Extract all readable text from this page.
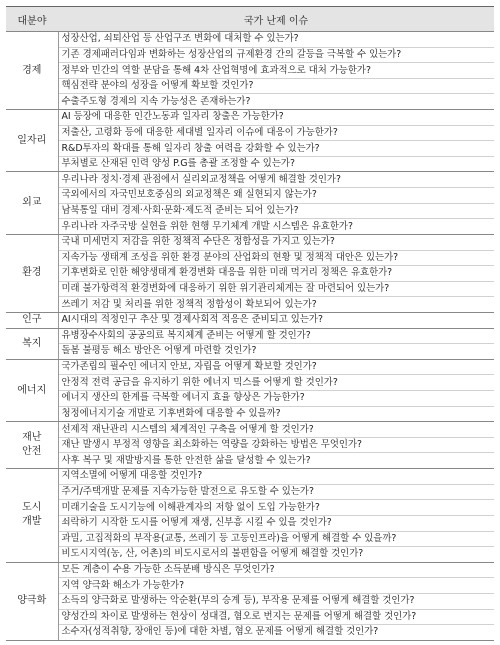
대분야	국가 난제 이슈
경제	성장산업, 쇠퇴산업 등 산업구조 변화에 대처할 수 있는가?
	기존 경제패러다임과 변화하는 성장산업의 규제환경 간의 갈등을 극복할 수 있는가?
	정부와 민간의 역할 분담을 통해 4차 산업혁명에 효과적으로 대처 가능한가?
	핵심전략 분야의 성장을 어떻게 확보할 것인가?
	수출주도형 경제의 지속 가능성은 존재하는가?
일자리	AI 등장에 대응한 인간노동과 일자리 창출은 가능한가?
	저출산, 고령화 등에 대응한 세대별 일자리 이슈에 대응이 가능한가?
	R&D투자의 확대를 통해 일자리 창출 여력을 강화할 수 있는가?
	부처별로 산재된 인력 양성 P.G를 총괄 조정할 수 있는가?
외교	우리나라 정치·경제 관점에서 실리외교정책을 어떻게 해결할 것인가?
	국외에서의 자국민보호중심의 외교정책은 왜 실현되지 않는가?
	남북통일 대비 경제·사회·문화·제도적 준비는 되어 있는가?
	우리나라 자주국방 실현을 위한 현행 무기체계 개발 시스템은 유효한가?
환경	국내 미세먼지 저감을 위한 정책적 수단은 정합성을 가지고 있는가?
	지속가능 생태계 조성을 위한 환경 분야의 산업화의 현황 및 정책적 대안은 있는가?
	기후변화로 인한 해양생태계 환경변화 대응을 위한 미래 먹거리 정책은 유효한가?
	미래 불가항력적 환경변화에 대응하기 위한 위기관리체계는 잘 마련되어 있는가?
	쓰레기 저감 및 처리를 위한 정책적 정합성이 확보되어 있는가?
인구	AI시대의 적정인구 추산 및 경제사회적 적응은 준비되고 있는가?
복지	유병장수사회의 공공의료 복지체계 준비는 어떻게 할 것인가?
	돌봄 불평등 해소 방안은 어떻게 마련할 것인가?
에너지	국가존립의 필수인 에너지 안보, 자립을 어떻게 확보할 것인가?
	안정적 전력 공급을 유지하기 위한 에너지 믹스를 어떻게 할 것인가?
	에너지 생산의 한계를 극복할 에너지 효율 향상은 가능한가?
	청정에너지기술 개발로 기후변화에 대응할 수 있을까?
재난
안전	선제적 재난관리 시스템의 체계적인 구축을 어떻게 할 것인가?
	재난 발생시 부정적 영향을 최소화하는 역량을 강화하는 방법은 무엇인가?
	사후 복구 및 재발방지를 통한 안전한 삶을 달성할 수 있는가?
도시
개발	지역소멸에 어떻게 대응할 것인가?
	주거/주택개발 문제를 지속가능한 발전으로 유도할 수 있는가?
	미래기술을 도시기능에 이해관계자의 저항 없이 도입 가능한가?
	쇠락하기 시작한 도시를 어떻게 재생, 신부흥 시킬 수 있을 것인가?
	과밀, 고집적화의 부작용(교통, 쓰레기 등 고등인프라)을 어떻게 해결할 수 있을까?
	비도시지역(농, 산, 어촌)의 비도시로서의 불편함을 어떻게 해결할 것인가?
양극화	모든 계층이 수용 가능한 소득분배 방식은 무엇인가?
	지역 양극화 해소가 가능한가?
	소득의 양극화로 발생하는 악순환(부의 승계 등), 부작용 문제를 어떻게 해결할 것인가?
	양성간의 차이로 발생하는 현상이 성대결, 혐오로 번지는 문제를 어떻게 해결할 것인가?
	소수자(성적취향, 장애인 등)에 대한 차별, 혐오 문제를 어떻게 해결할 것인가?
